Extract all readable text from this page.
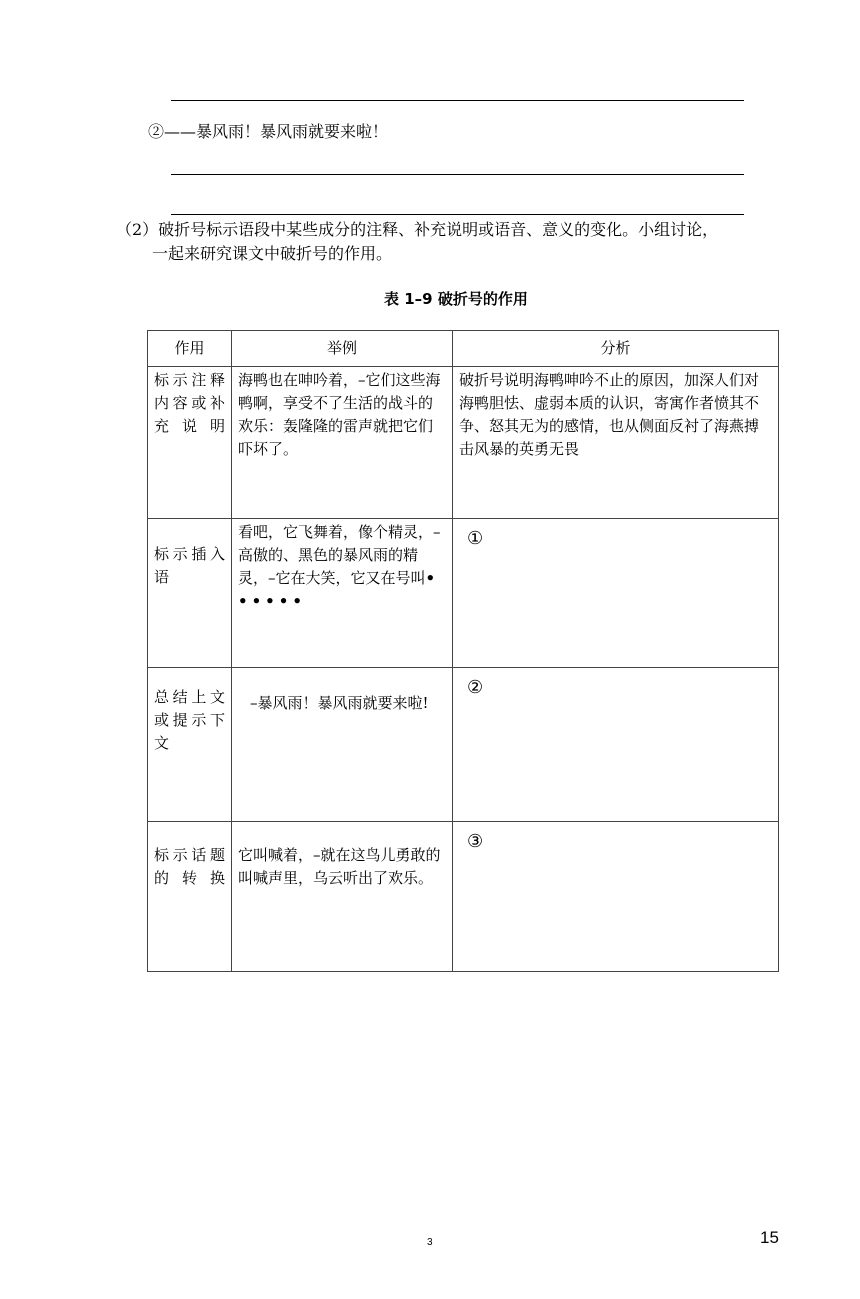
②——暴风雨！暴风雨就要来啦！
（2）破折号标示语段中某些成分的注释、补充说明或语音、意义的变化。小组讨论，
一起来研究课文中破折号的作用。
表 1–9 破折号的作用
作用	举例	分析

标示注释内容或补充说明	海鸭也在呻吟着，–它们这些海鸭啊，享受不了生活的战斗的欢乐：轰隆隆的雷声就把它们吓坏了。	破折号说明海鸭呻吟不止的原因，加深人们对海鸭胆怯、虚弱本质的认识，寄寓作者愤其不争、怒其无为的感情，也从侧面反衬了海燕搏击风暴的英勇无畏

标示插入语	看吧，它飞舞着，像个精灵，–高傲的、黑色的暴风雨的精灵，–它在大笑，它又在号叫••••••	①

总结上文或提示下文	–暴风雨！暴风雨就要来啦!	②

标示话题的转换	它叫喊着，–就在这鸟儿勇敢的叫喊声里，乌云听出了欢乐。	③
3	15
